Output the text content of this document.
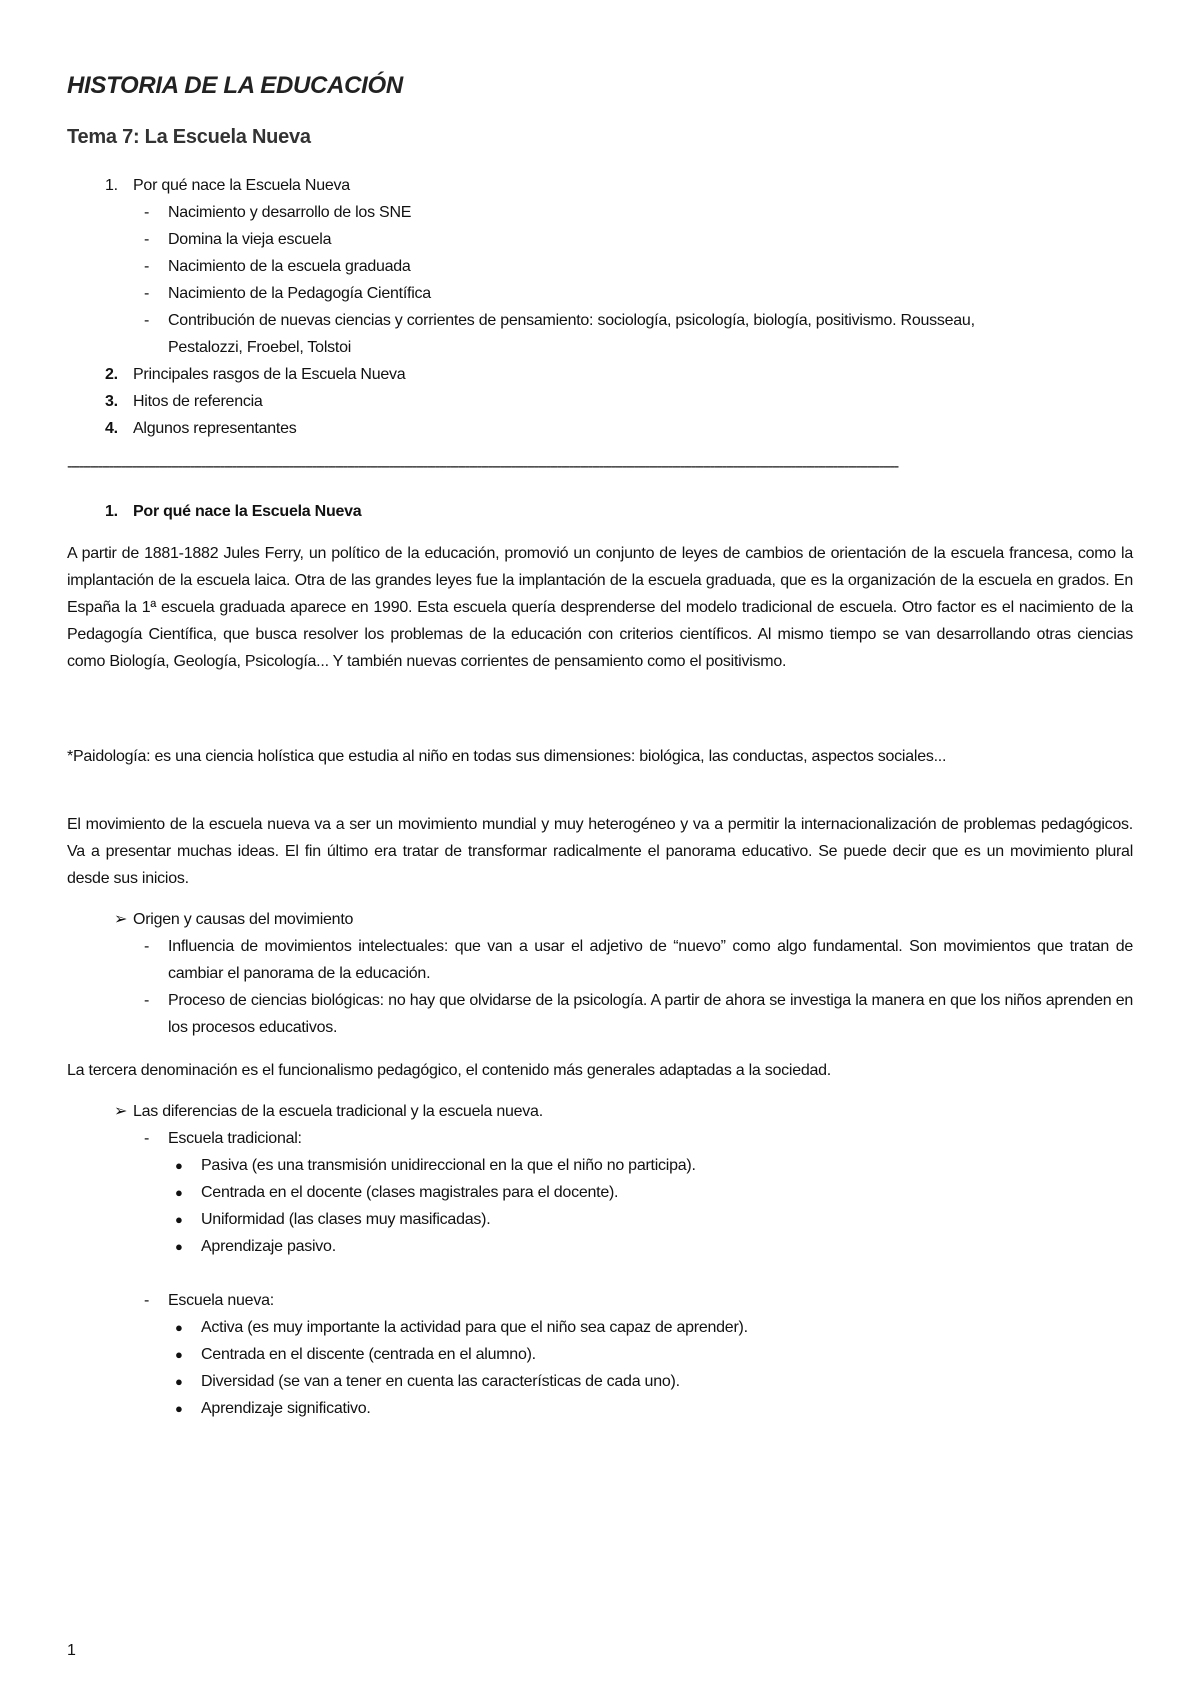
HISTORIA DE LA EDUCACIÓN
Tema 7: La Escuela Nueva
1. Por qué nace la Escuela Nueva
- Nacimiento y desarrollo de los SNE
- Domina la vieja escuela
- Nacimiento de la escuela graduada
- Nacimiento de la Pedagogía Científica
- Contribución de nuevas ciencias y corrientes de pensamiento: sociología, psicología, biología, positivismo. Rousseau, Pestalozzi, Froebel, Tolstoi
2. Principales rasgos de la Escuela Nueva
3. Hitos de referencia
4. Algunos representantes
-------------------------------------------------------------------------------------------------------------------------------------------------------------------------------------------------------------------------
1. Por qué nace la Escuela Nueva

A partir de 1881-1882 Jules Ferry, un político de la educación, promovió un conjunto de leyes de cambios de orientación de la escuela francesa, como la implantación de la escuela laica. Otra de las grandes leyes fue la implantación de la escuela graduada, que es la organización de la escuela en grados. En España la 1ª escuela graduada aparece en 1990. Esta escuela quería desprenderse del modelo tradicional de escuela. Otro factor es el nacimiento de la Pedagogía Científica, que busca resolver los problemas de la educación con criterios científicos. Al mismo tiempo se van desarrollando otras ciencias como Biología, Geología, Psicología... Y también nuevas corrientes de pensamiento como el positivismo.

*Paidología: es una ciencia holística que estudia al niño en todas sus dimensiones: biológica, las conductas, aspectos sociales...

El movimiento de la escuela nueva va a ser un movimiento mundial y muy heterogéneo y va a permitir la internacionalización de problemas pedagógicos. Va a presentar muchas ideas. El fin último era tratar de transformar radicalmente el panorama educativo. Se puede decir que es un movimiento plural desde sus inicios.

➢ Origen y causas del movimiento
- Influencia de movimientos intelectuales: que van a usar el adjetivo de “nuevo” como algo fundamental. Son movimientos que tratan de cambiar el panorama de la educación.
- Proceso de ciencias biológicas: no hay que olvidarse de la psicología. A partir de ahora se investiga la manera en que los niños aprenden en los procesos educativos.

La tercera denominación es el funcionalismo pedagógico, el contenido más generales adaptadas a la sociedad.

➢ Las diferencias de la escuela tradicional y la escuela nueva.
- Escuela tradicional:
● Pasiva (es una transmisión unidireccional en la que el niño no participa).
● Centrada en el docente (clases magistrales para el docente).
● Uniformidad (las clases muy masificadas).
● Aprendizaje pasivo.
- Escuela nueva:
● Activa (es muy importante la actividad para que el niño sea capaz de aprender).
● Centrada en el discente (centrada en el alumno).
● Diversidad (se van a tener en cuenta las características de cada uno).
● Aprendizaje significativo.
1
